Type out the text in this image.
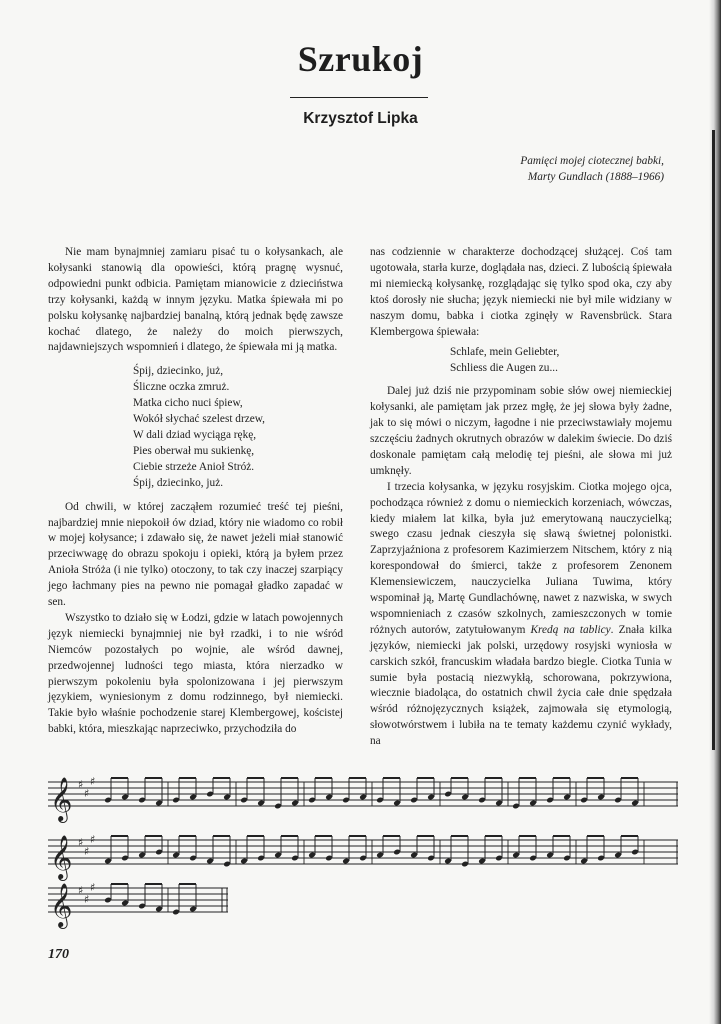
Szrukoj
Krzysztof Lipka
Pamięci mojej ciotecznej babki,
Marty Gundlach (1888–1966)

Nie mam bynajmniej zamiaru pisać tu o kołysankach, ale kołysanki stanowią dla opowieści, którą pragnę wysnuć, odpowiedni punkt odbicia. Pamiętam mianowicie z dzieciństwa trzy kołysanki, każdą w innym języku. Matka śpiewała mi po polsku kołysankę najbardziej banalną, którą jednak będę zawsze kochać dlatego, że należy do moich pierwszych, najdawniejszych wspomnień i dlatego, że śpiewała mi ją matka.

Śpij, dziecinko, już,
Śliczne oczka zmruż.
Matka cicho nuci śpiew,
Wokół słychać szelest drzew,
W dali dziad wyciąga rękę,
Pies oberwał mu sukienkę,
Ciebie strzeże Anioł Stróż.
Śpij, dziecinko, już.

Od chwili, w której zacząłem rozumieć treść tej pieśni, najbardziej mnie niepokoił ów dziad, który nie wiadomo co robił w mojej kołysance; i zdawało się, że nawet jeżeli miał stanowić przeciwwagę do obrazu spokoju i opieki, którą ja byłem przez Anioła Stróża (i nie tylko) otoczony, to tak czy inaczej szarpiący jego łachmany pies na pewno nie pomagał gładko zapadać w sen.

Wszystko to działo się w Łodzi, gdzie w latach powojennych język niemiecki bynajmniej nie był rzadki, i to nie wśród Niemców pozostałych po wojnie, ale wśród dawnej, przedwojennej ludności tego miasta, która nierzadko w pierwszym pokoleniu była spolonizowana i jej pierwszym językiem, wyniesionym z domu rodzinnego, był niemiecki. Takie było właśnie pochodzenie starej Klembergowej, kościstej babki, która, mieszkając naprzeciwko, przychodziła do

nas codziennie w charakterze dochodzącej służącej. Coś tam ugotowała, starła kurze, doglądała nas, dzieci. Z lubością śpiewała mi niemiecką kołysankę, rozglądając się tylko spod oka, czy aby ktoś dorosły nie słucha; język niemiecki nie był mile widziany w naszym domu, babka i ciotka zginęły w Ravensbrück. Stara Klembergowa śpiewała:

Schlafe, mein Geliebter,
Schliess die Augen zu...

Dalej już dziś nie przypominam sobie słów owej niemieckiej kołysanki, ale pamiętam jak przez mgłę, że jej słowa były żadne, jak to się mówi o niczym, łagodne i nie przeciwstawiały mojemu szczęściu żadnych okrutnych obrazów w dalekim świecie. Do dziś doskonale pamiętam całą melodię tej pieśni, ale słowa mi już umknęły.

I trzecia kołysanka, w języku rosyjskim. Ciotka mojego ojca, pochodząca również z domu o niemieckich korzeniach, wówczas, kiedy miałem lat kilka, była już emerytowaną nauczycielką; swego czasu jednak cieszyła się sławą świetnej polonistki. Zaprzyjaźniona z profesorem Kazimierzem Nitschem, który z nią korespondował do śmierci, także z profesorem Zenonem Klemensiewiczem, nauczycielka Juliana Tuwima, który wspominał ją, Martę Gundlachównę, nawet z nazwiska, w swych wspomnieniach z czasów szkolnych, zamieszczonych w tomie różnych autorów, zatytułowanym Kredą na tablicy. Znała kilka języków, niemiecki jak polski, urzędowy rosyjski wyniosła w carskich szkół, francuskim władała bardzo biegle. Ciotka Tunia w sumie była postacią niezwykłą, schorowana, pokrzywiona, wiecznie biadoląca, do ostatnich chwil życia całe dnie spędzała wśród różnojęzycznych książek, zajmowała się etymologią, słowotwórstwem i lubiła na te tematy każdemu czynić wykłady, na

𝄞 ♯
♯
♯
𝄞 ♯
♯
♯
𝄞 ♯
♯
♯
170
